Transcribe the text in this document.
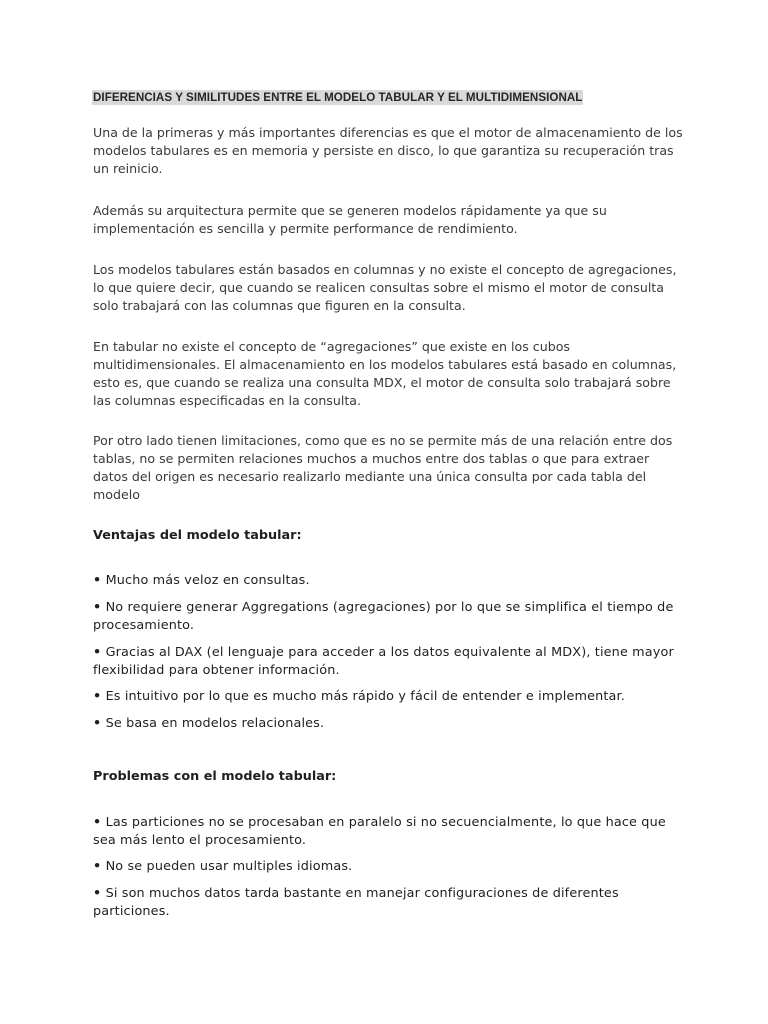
DIFERENCIAS Y SIMILITUDES ENTRE EL MODELO TABULAR Y EL MULTIDIMENSIONAL

Una de la primeras y más importantes diferencias es que el motor de almacenamiento de los modelos tabulares es en memoria y persiste en disco, lo que garantiza su recuperación tras un reinicio.

Además su arquitectura permite que se generen modelos rápidamente ya que su implementación es sencilla y permite performance de rendimiento.

Los modelos tabulares están basados en columnas y no existe el concepto de agregaciones, lo que quiere decir, que cuando se realicen consultas sobre el mismo el motor de consulta solo trabajará con las columnas que figuren en la consulta.

En tabular no existe el concepto de “agregaciones” que existe en los cubos multidimensionales. El almacenamiento en los modelos tabulares está basado en columnas, esto es, que cuando se realiza una consulta MDX, el motor de consulta solo trabajará sobre las columnas especificadas en la consulta.

Por otro lado tienen limitaciones, como que es no se permite más de una relación entre dos tablas, no se permiten relaciones muchos a muchos entre dos tablas o que para extraer datos del origen es necesario realizarlo mediante una única consulta por cada tabla del modelo

Ventajas del modelo tabular:

• Mucho más veloz en consultas.

• No requiere generar Aggregations (agregaciones) por lo que se simplifica el tiempo de procesamiento.

• Gracias al DAX (el lenguaje para acceder a los datos equivalente al MDX), tiene mayor flexibilidad para obtener información.

• Es intuitivo por lo que es mucho más rápido y fácil de entender e implementar.

• Se basa en modelos relacionales.

Problemas con el modelo tabular:

• Las particiones no se procesaban en paralelo si no secuencialmente, lo que hace que sea más lento el procesamiento.

• No se pueden usar multiples idiomas.

• Si son muchos datos tarda bastante en manejar configuraciones de diferentes particiones.
